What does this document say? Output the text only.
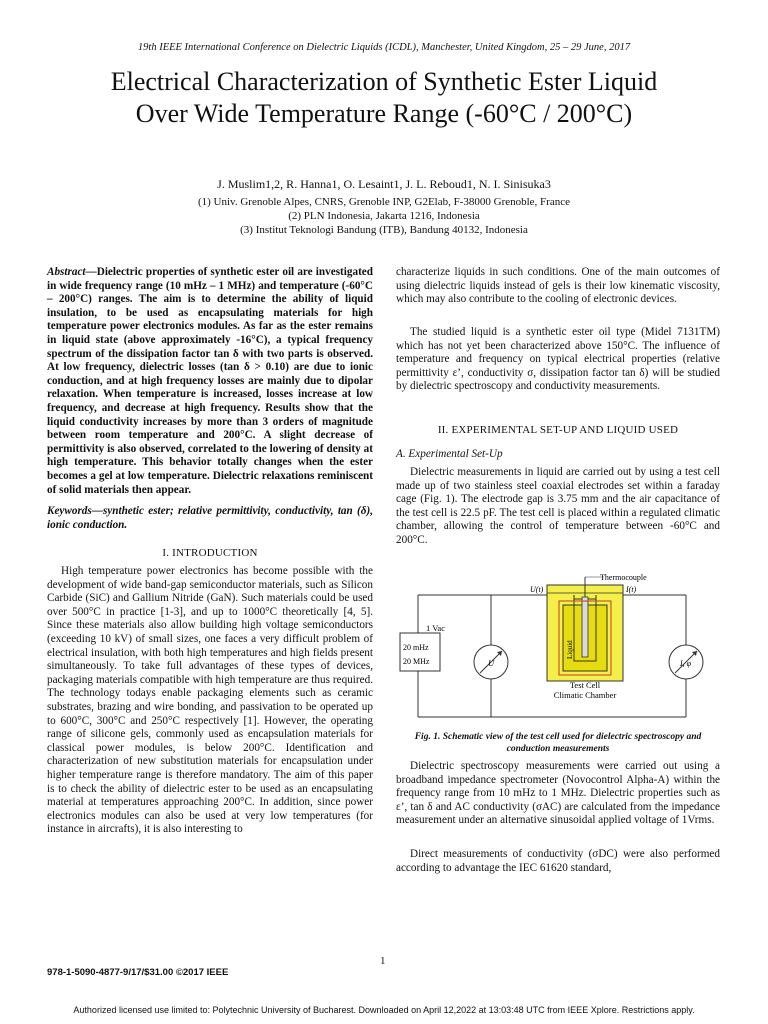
19th IEEE International Conference on Dielectric Liquids (ICDL), Manchester, United Kingdom, 25 – 29 June, 2017
Electrical Characterization of Synthetic Ester Liquid
Over Wide Temperature Range (-60°C / 200°C)
J. Muslim1,2, R. Hanna1, O. Lesaint1, J. L. Reboud1, N. I. Sinisuka3
(1) Univ. Grenoble Alpes, CNRS, Grenoble INP, G2Elab, F-38000 Grenoble, France
(2) PLN Indonesia, Jakarta 1216, Indonesia
(3) Institut Teknologi Bandung (ITB), Bandung 40132, Indonesia
Abstract—Dielectric properties of synthetic ester oil are investigated in wide frequency range (10 mHz – 1 MHz) and temperature (-60°C – 200°C) ranges. The aim is to determine the ability of liquid insulation, to be used as encapsulating materials for high temperature power electronics modules. As far as the ester remains in liquid state (above approximately -16°C), a typical frequency spectrum of the dissipation factor tan δ with two parts is observed. At low frequency, dielectric losses (tan δ > 0.10) are due to ionic conduction, and at high frequency losses are mainly due to dipolar relaxation. When temperature is increased, losses increase at low frequency, and decrease at high frequency. Results show that the liquid conductivity increases by more than 3 orders of magnitude between room temperature and 200°C. A slight decrease of permittivity is also observed, correlated to the lowering of density at high temperature. This behavior totally changes when the ester becomes a gel at low temperature. Dielectric relaxations reminiscent of solid materials then appear.
Keywords—synthetic ester; relative permittivity, conductivity, tan (δ), ionic conduction.
I. INTRODUCTION

High temperature power electronics has become possible with the development of wide band-gap semiconductor materials, such as Silicon Carbide (SiC) and Gallium Nitride (GaN). Such materials could be used over 500°C in practice [1-3], and up to 1000°C theoretically [4, 5]. Since these materials also allow building high voltage semiconductors (exceeding 10 kV) of small sizes, one faces a very difficult problem of electrical insulation, with both high temperatures and high fields present simultaneously. To take full advantages of these types of devices, packaging materials compatible with high temperature are thus required. The technology todays enable packaging elements such as ceramic substrates, brazing and wire bonding, and passivation to be operated up to 600°C, 300°C and 250°C respectively [1]. However, the operating range of silicone gels, commonly used as encapsulation materials for classical power modules, is below 200°C. Identification and characterization of new substitution materials for encapsulation under higher temperature range is therefore mandatory. The aim of this paper is to check the ability of dielectric ester to be used as an encapsulating material at temperatures approaching 200°C. In addition, since power electronics modules can also be used at very low temperatures (for instance in aircrafts), it is also interesting to

characterize liquids in such conditions. One of the main outcomes of using dielectric liquids instead of gels is their low kinematic viscosity, which may also contribute to the cooling of electronic devices.

The studied liquid is a synthetic ester oil type (Midel 7131TM) which has not yet been characterized above 150°C. The influence of temperature and frequency on typical electrical properties (relative permittivity ε’, conductivity σ, dissipation factor tan δ) will be studied by dielectric spectroscopy and conductivity measurements.

II. EXPERIMENTAL SET-UP AND LIQUID USED
A. Experimental Set-Up

Dielectric measurements in liquid are carried out by using a test cell made up of two stainless steel coaxial electrodes set within a faraday cage (Fig. 1). The electrode gap is 3.75 mm and the air capacitance of the test cell is 22.5 pF. The test cell is placed within a regulated climatic chamber, allowing the control of temperature between -60°C and 200°C.

Thermocouple
U(t)	I(t)
1 Vac
20 mHz
20 MHz
Liquid
Test Cell
Climatic Chamber
U	I, φ
Fig. 1. Schematic view of the test cell used for dielectric spectroscopy and conduction measurements

Dielectric spectroscopy measurements were carried out using a broadband impedance spectrometer (Novocontrol Alpha-A) within the frequency range from 10 mHz to 1 MHz. Dielectric properties such as ε’, tan δ and AC conductivity (σAC) are calculated from the impedance measurement under an alternative sinusoidal applied voltage of 1Vrms.

Direct measurements of conductivity (σDC) were also performed according to advantage the IEC 61620 standard,

1
978-1-5090-4877-9/17/$31.00 ©2017 IEEE
Authorized licensed use limited to: Polytechnic University of Bucharest. Downloaded on April 12,2022 at 13:03:48 UTC from IEEE Xplore. Restrictions apply.
